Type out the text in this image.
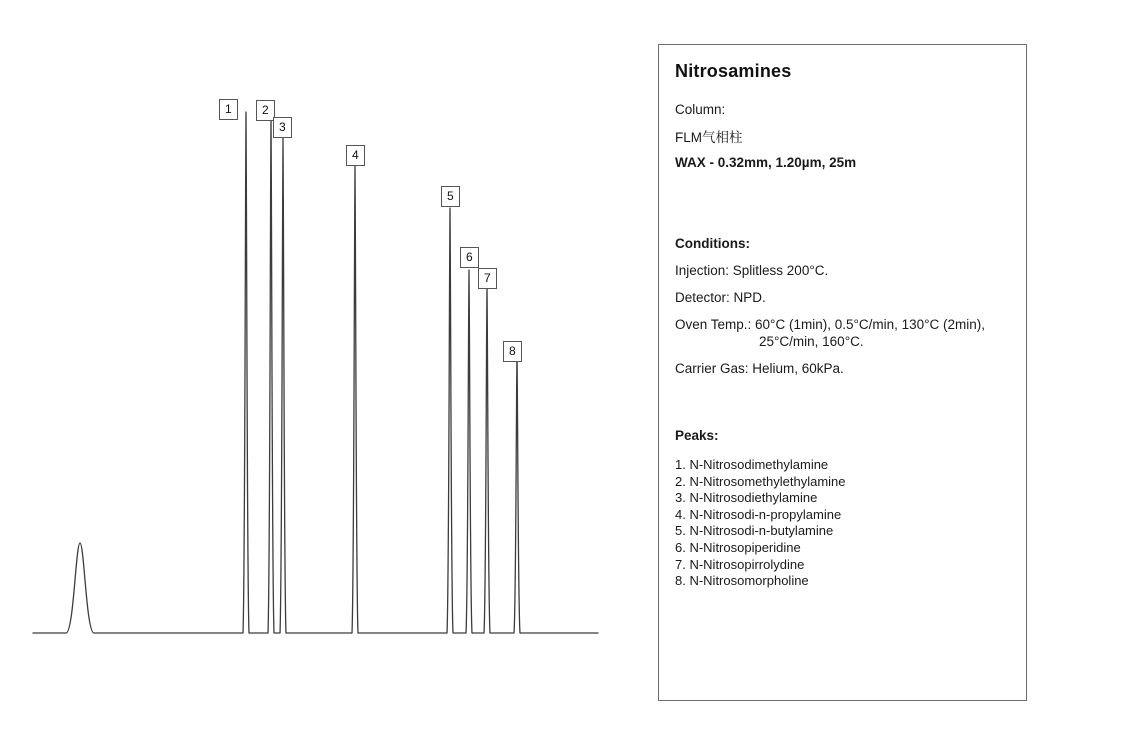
1	2
3
4
5
6
7
8
Nitrosamines
Column:
FLM气相柱
WAX - 0.32mm, 1.20µm, 25m
Conditions:
Injection: Splitless 200°C.
Detector: NPD.
Oven Temp.: 60°C (1min), 0.5°C/min, 130°C (2min),
25°C/min, 160°C.
Carrier Gas: Helium, 60kPa.
Peaks:
1. N-Nitrosodimethylamine
2. N-Nitrosomethylethylamine
3. N-Nitrosodiethylamine
4. N-Nitrosodi-n-propylamine
5. N-Nitrosodi-n-butylamine
6. N-Nitrosopiperidine
7. N-Nitrosopirrolydine
8. N-Nitrosomorpholine
